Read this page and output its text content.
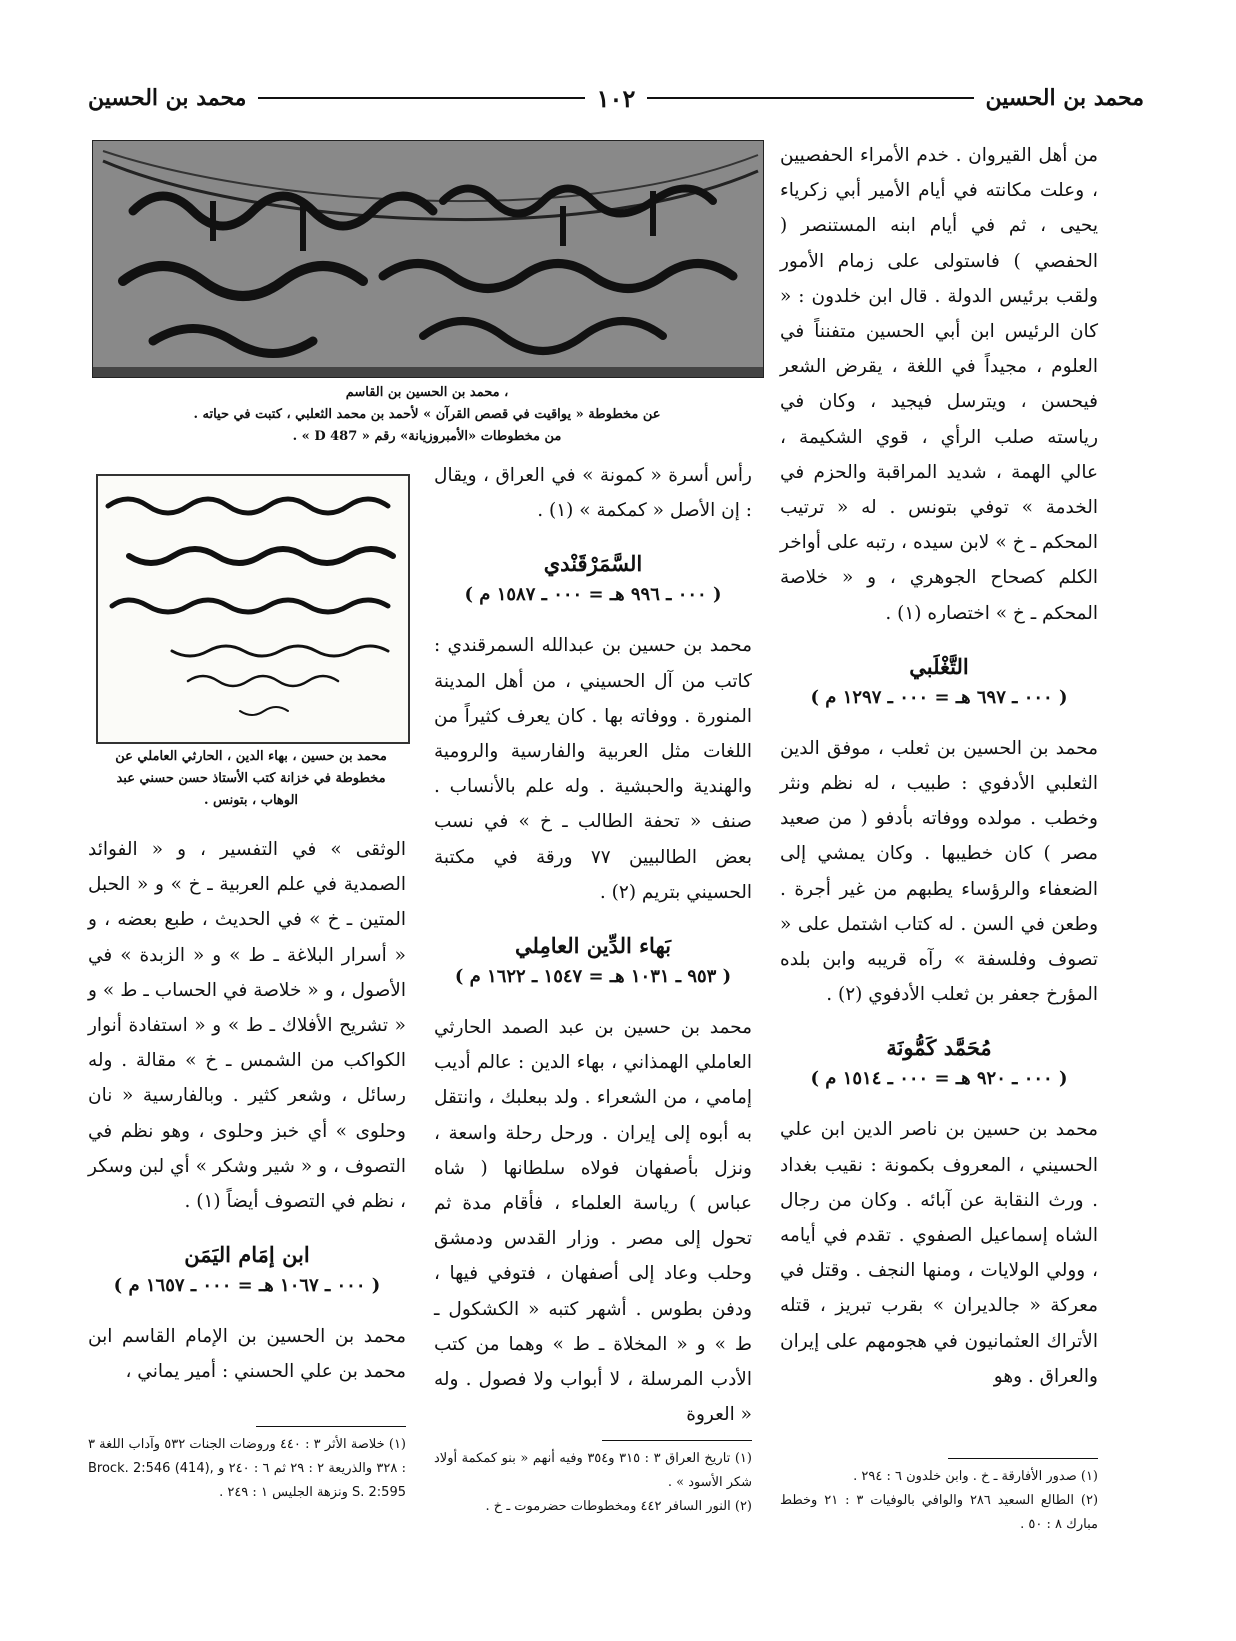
محمد بن الحسين
١٠٢
محمد بن الحسين
، محمد بن الحسين بن القاسم
عن مخطوطة « يواقيت في قصص القرآن » لأحمد بن محمد الثعلبي ، كتبت في حياته .
من مخطوطات «الأمبروزيانة» رقم « D 487 » .
محمد بن حسين ، بهاء الدين ، الحارثي العاملي عن مخطوطة في خزانة كتب الأستاذ حسن حسني عبد الوهاب ، بتونس .

من أهل القيروان . خدم الأمراء الحفصيين ، وعلت مكانته في أيام الأمير أبي زكرياء يحيى ، ثم في أيام ابنه المستنصر ( الحفصي ) فاستولى على زمام الأمور ولقب برئيس الدولة . قال ابن خلدون : « كان الرئيس ابن أبي الحسين متفنناً في العلوم ، مجيداً في اللغة ، يقرض الشعر فيحسن ، ويترسل فيجيد ، وكان في رياسته صلب الرأي ، قوي الشكيمة ، عالي الهمة ، شديد المراقبة والحزم في الخدمة » توفي بتونس . له « ترتيب المحكم ـ خ » لابن سيده ، رتبه على أواخر الكلم كصحاح الجوهري ، و « خلاصة المحكم ـ خ » اختصاره (١) .

التَّغْلَبي
( ٠٠٠ ـ ٦٩٧ هـ = ٠٠٠ ـ ١٢٩٧ م )

محمد بن الحسين بن ثعلب ، موفق الدين الثعلبي الأدفوي : طبيب ، له نظم ونثر وخطب . مولده ووفاته بأدفو ( من صعيد مصر ) كان خطيبها . وكان يمشي إلى الضعفاء والرؤساء يطبهم من غير أجرة . وطعن في السن . له كتاب اشتمل على « تصوف وفلسفة » رآه قريبه وابن بلده المؤرخ جعفر بن ثعلب الأدفوي (٢) .

مُحَمَّد كَمُّونَة
( ٠٠٠ ـ ٩٢٠ هـ = ٠٠٠ ـ ١٥١٤ م )

محمد بن حسين بن ناصر الدين ابن علي الحسيني ، المعروف بكمونة : نقيب بغداد . ورث النقابة عن آبائه . وكان من رجال الشاه إسماعيل الصفوي . تقدم في أيامه ، وولي الولايات ، ومنها النجف . وقتل في معركة « جالديران » بقرب تبريز ، قتله الأتراك العثمانيون في هجومهم على إيران والعراق . وهو

(١) صدور الأفارقة ـ خ . وابن خلدون ٦ : ٢٩٤ .
(٢) الطالع السعيد ٢٨٦ والوافي بالوفيات ٣ : ٢١ وخطط مبارك ٨ : ٥٠ .

رأس أسرة « كمونة » في العراق ، ويقال : إن الأصل « كمكمة » (١) .

السَّمَرْقَنْدي
( ٠٠٠ ـ ٩٩٦ هـ = ٠٠٠ ـ ١٥٨٧ م )

محمد بن حسين بن عبدالله السمرقندي : كاتب من آل الحسيني ، من أهل المدينة المنورة . ووفاته بها . كان يعرف كثيراً من اللغات مثل العربية والفارسية والرومية والهندية والحبشية . وله علم بالأنساب . صنف « تحفة الطالب ـ خ » في نسب بعض الطالبيين ٧٧ ورقة في مكتبة الحسيني بتريم (٢) .

بَهاء الدِّين العامِلي
( ٩٥٣ ـ ١٠٣١ هـ = ١٥٤٧ ـ ١٦٢٢ م )

محمد بن حسين بن عبد الصمد الحارثي العاملي الهمذاني ، بهاء الدين : عالم أديب إمامي ، من الشعراء . ولد ببعلبك ، وانتقل به أبوه إلى إيران . ورحل رحلة واسعة ، ونزل بأصفهان فولاه سلطانها ( شاه عباس ) رياسة العلماء ، فأقام مدة ثم تحول إلى مصر . وزار القدس ودمشق وحلب وعاد إلى أصفهان ، فتوفي فيها ، ودفن بطوس . أشهر كتبه « الكشكول ـ ط » و « المخلاة ـ ط » وهما من كتب الأدب المرسلة ، لا أبواب ولا فصول . وله « العروة

(١) تاريخ العراق ٣ : ٣١٥ و٣٥٤ وفيه أنهم « بنو كمكمة أولاد شكر الأسود » .
(٢) النور السافر ٤٤٢ ومخطوطات حضرموت ـ خ .

الوثقى » في التفسير ، و « الفوائد الصمدية في علم العربية ـ خ » و « الحبل المتين ـ خ » في الحديث ، طبع بعضه ، و « أسرار البلاغة ـ ط » و « الزبدة » في الأصول ، و « خلاصة في الحساب ـ ط » و « تشريح الأفلاك ـ ط » و « استفادة أنوار الكواكب من الشمس ـ خ » مقالة . وله رسائل ، وشعر كثير . وبالفارسية « نان وحلوى » أي خبز وحلوى ، وهو نظم في التصوف ، و « شير وشكر » أي لبن وسكر ، نظم في التصوف أيضاً (١) .

ابن إمَام اليَمَن
( ٠٠٠ ـ ١٠٦٧ هـ = ٠٠٠ ـ ١٦٥٧ م )

محمد بن الحسين بن الإمام القاسم ابن محمد بن علي الحسني : أمير يماني ،

(١) خلاصة الأثر ٣ : ٤٤٠ وروضات الجنات ٥٣٢ وآداب اللغة ٣ : ٣٢٨ والذريعة ٢ : ٢٩ ثم ٦ : ٢٤٠ و Brock. 2:546 (414), S. 2:595 ونزهة الجليس ١ : ٢٤٩ .
